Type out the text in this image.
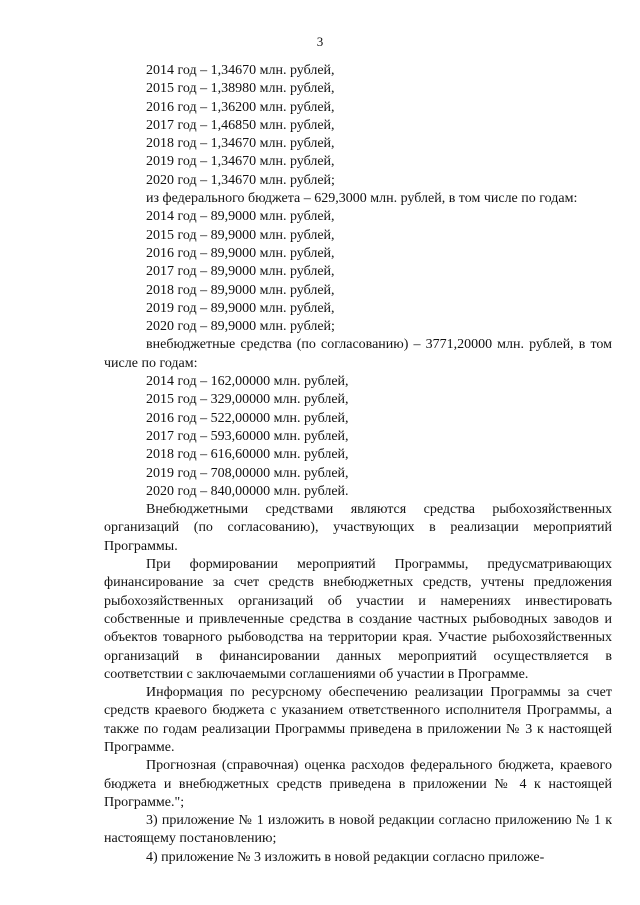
3
2014 год – 1,34670 млн. рублей,
2015 год – 1,38980 млн. рублей,
2016 год – 1,36200 млн. рублей,
2017 год – 1,46850 млн. рублей,
2018 год – 1,34670 млн. рублей,
2019 год – 1,34670 млн. рублей,
2020 год – 1,34670 млн. рублей;
из федерального бюджета – 629,3000 млн. рублей, в том числе по годам:
2014 год – 89,9000 млн. рублей,
2015 год – 89,9000 млн. рублей,
2016 год – 89,9000 млн. рублей,
2017 год – 89,9000 млн. рублей,
2018 год – 89,9000 млн. рублей,
2019 год – 89,9000 млн. рублей,
2020 год – 89,9000 млн. рублей;
внебюджетные средства (по согласованию) – 3771,20000 млн. рублей, в том числе по годам:
2014 год – 162,00000 млн. рублей,
2015 год – 329,00000 млн. рублей,
2016 год – 522,00000 млн. рублей,
2017 год – 593,60000 млн. рублей,
2018 год – 616,60000 млн. рублей,
2019 год – 708,00000 млн. рублей,
2020 год – 840,00000 млн. рублей.
Внебюджетными средствами являются средства рыбохозяйственных организаций (по согласованию), участвующих в реализации мероприятий Программы.
При формировании мероприятий Программы, предусматривающих финансирование за счет средств внебюджетных средств, учтены предложения рыбохозяйственных организаций об участии и намерениях инвестировать собственные и привлеченные средства в создание частных рыбоводных заводов и объектов товарного рыбоводства на территории края. Участие рыбохозяйственных организаций в финансировании данных мероприятий осуществляется в соответствии с заключаемыми соглашениями об участии в Программе.
Информация по ресурсному обеспечению реализации Программы за счет средств краевого бюджета с указанием ответственного исполнителя Программы, а также по годам реализации Программы приведена в приложении № 3 к настоящей Программе.
Прогнозная (справочная) оценка расходов федерального бюджета, краевого бюджета и внебюджетных средств приведена в приложении № 4 к настоящей Программе.";
3) приложение № 1 изложить в новой редакции согласно приложению № 1 к настоящему постановлению;
4) приложение № 3 изложить в новой редакции согласно приложе-
